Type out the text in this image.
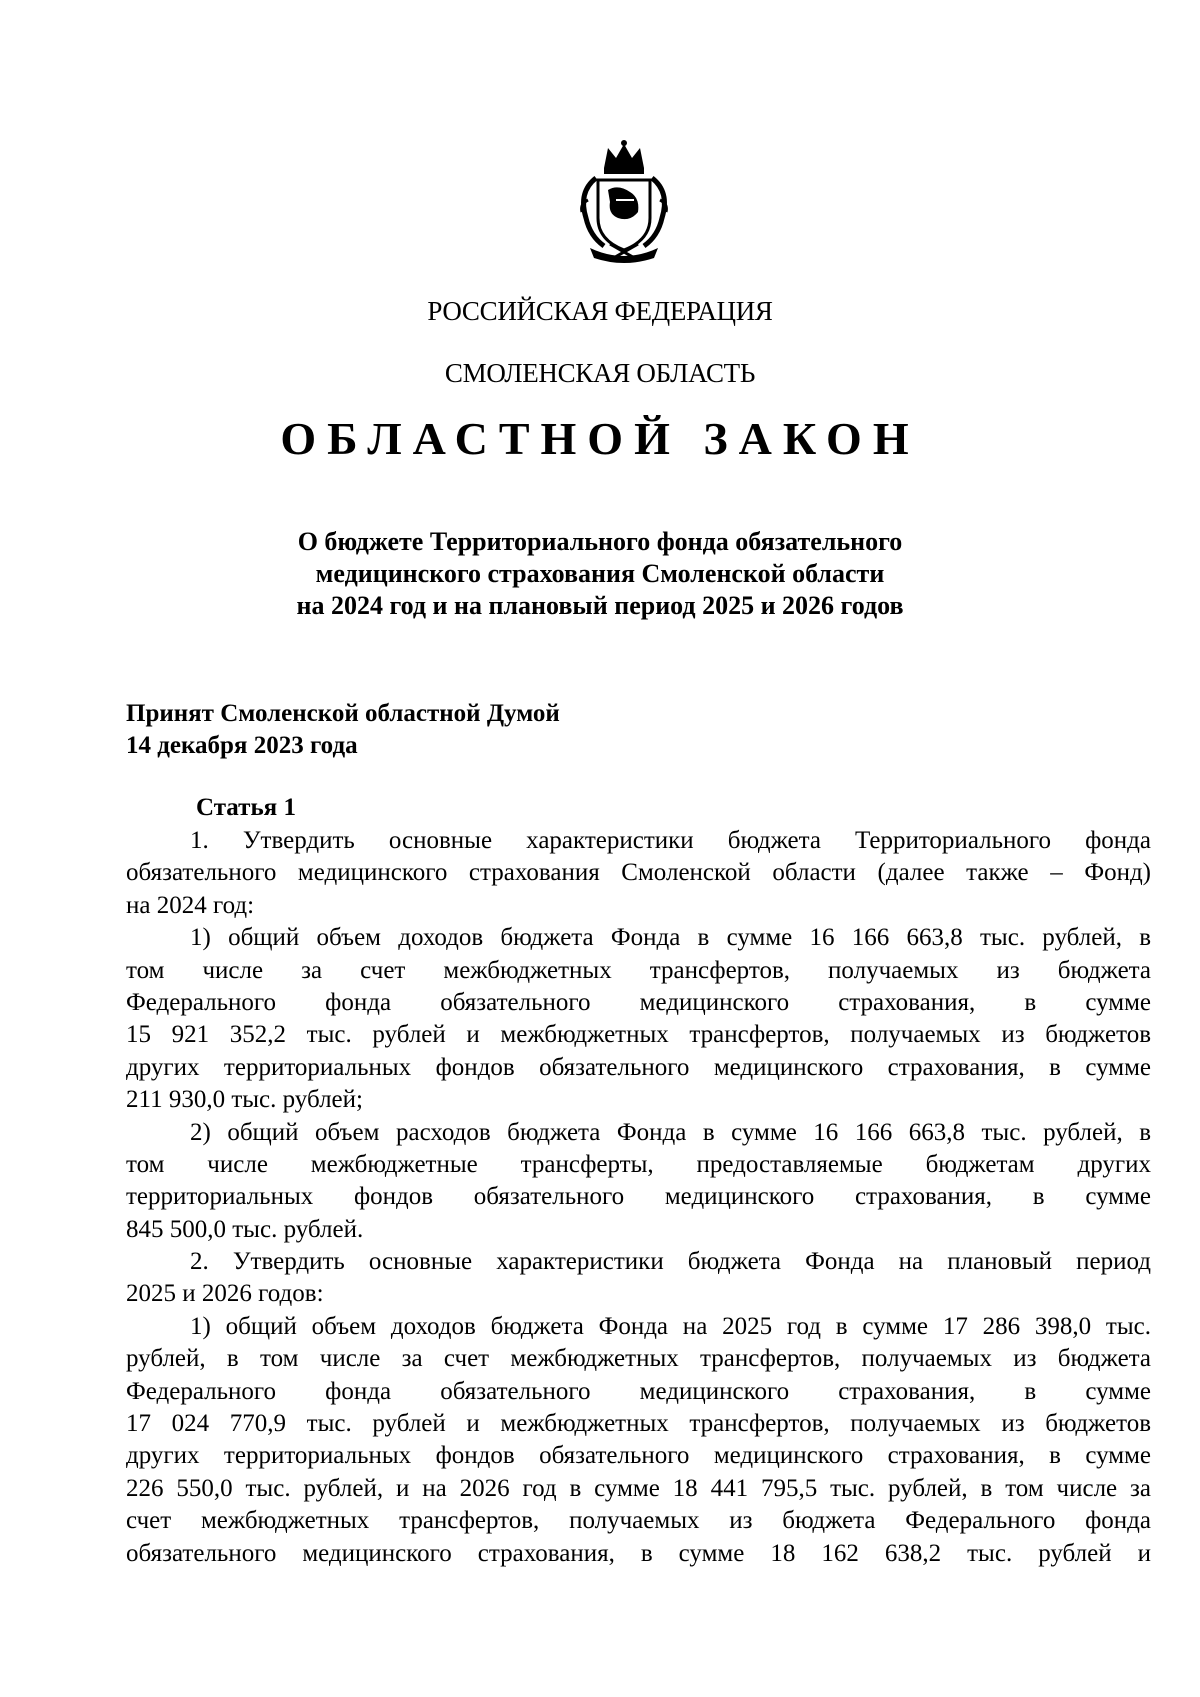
РОССИЙСКАЯ ФЕДЕРАЦИЯ
СМОЛЕНСКАЯ ОБЛАСТЬ
ОБЛАСТНОЙ ЗАКОН
О бюджете Территориального фонда обязательного
медицинского страхования Смоленской области
на 2024 год и на плановый период 2025 и 2026 годов
Принят Смоленской областной Думой
14 декабря 2023 года
Статья 1
1. Утвердить основные характеристики бюджета Территориального фонда
обязательного медицинского страхования Смоленской области (далее также – Фонд)
на 2024 год:
1) общий объем доходов бюджета Фонда в сумме 16 166 663,8 тыс. рублей, в
том числе за счет межбюджетных трансфертов, получаемых из бюджета
Федерального фонда обязательного медицинского страхования, в сумме
15 921 352,2 тыс. рублей и межбюджетных трансфертов, получаемых из бюджетов
других территориальных фондов обязательного медицинского страхования, в сумме
211 930,0 тыс. рублей;
2) общий объем расходов бюджета Фонда в сумме 16 166 663,8 тыс. рублей, в
том числе межбюджетные трансферты, предоставляемые бюджетам других
территориальных фондов обязательного медицинского страхования, в сумме
845 500,0 тыс. рублей.
2. Утвердить основные характеристики бюджета Фонда на плановый период
2025 и 2026 годов:
1) общий объем доходов бюджета Фонда на 2025 год в сумме 17 286 398,0 тыс.
рублей, в том числе за счет межбюджетных трансфертов, получаемых из бюджета
Федерального фонда обязательного медицинского страхования, в сумме
17 024 770,9 тыс. рублей и межбюджетных трансфертов, получаемых из бюджетов
других территориальных фондов обязательного медицинского страхования, в сумме
226 550,0 тыс. рублей, и на 2026 год в сумме 18 441 795,5 тыс. рублей, в том числе за
счет межбюджетных трансфертов, получаемых из бюджета Федерального фонда
обязательного медицинского страхования, в сумме 18 162 638,2 тыс. рублей и
